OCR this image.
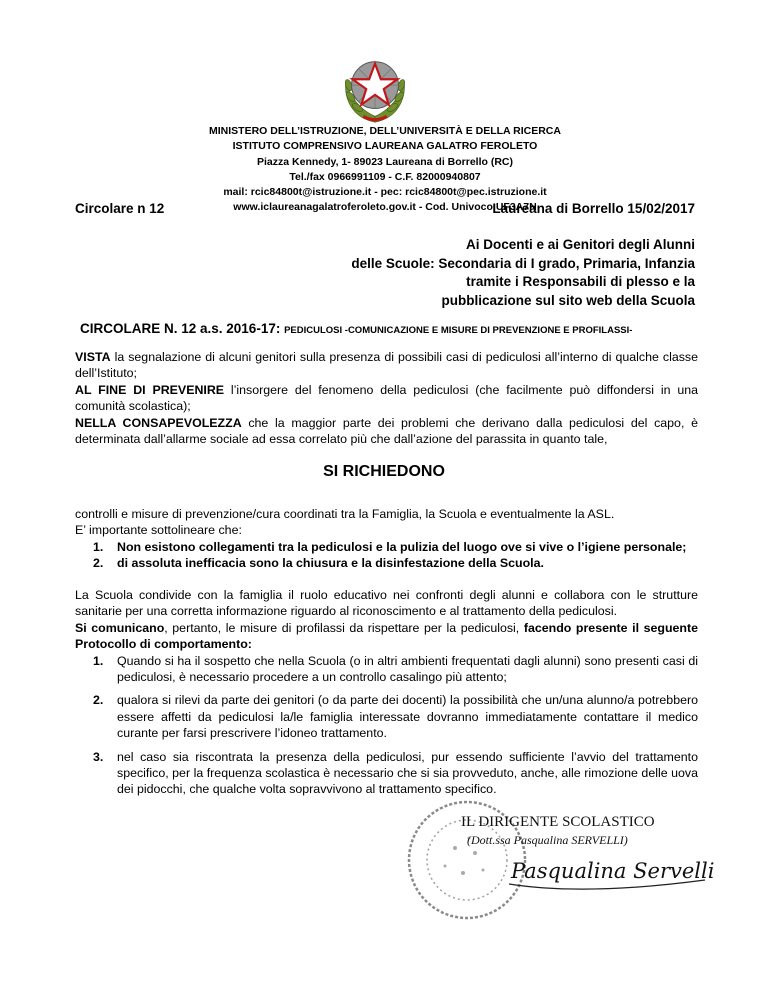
MINISTERO DELL’ISTRUZIONE, DELL’UNIVERSITÀ E DELLA RICERCA
ISTITUTO COMPRENSIVO LAUREANA GALATRO FEROLETO
Piazza Kennedy, 1- 89023 Laureana di Borrello (RC)
Tel./fax 0966991109 - C.F. 82000940807
mail: rcic84800t@istruzione.it - pec: rcic84800t@pec.istruzione.it
www.iclaureanagalatroferoleto.gov.it - Cod. Univoco UF3A7N
Circolare n 12	Laureana di Borrello 15/02/2017
Ai Docenti e ai Genitori degli Alunni
delle Scuole: Secondaria di I grado, Primaria, Infanzia
tramite i Responsabili di plesso e la
pubblicazione sul sito web della Scuola
CIRCOLARE N. 12 a.s. 2016-17: PEDICULOSI -COMUNICAZIONE E MISURE DI PREVENZIONE E PROFILASSI-

VISTA la segnalazione di alcuni genitori sulla presenza di possibili casi di pediculosi all’interno di qualche classe dell’Istituto;

AL FINE DI PREVENIRE l’insorgere del fenomeno della pediculosi (che facilmente può diffondersi in una comunità scolastica);

NELLA CONSAPEVOLEZZA che la maggior parte dei problemi che derivano dalla pediculosi del capo, è determinata dall’allarme sociale ad essa correlato più che dall’azione del parassita in quanto tale,

SI RICHIEDONO

controlli e misure di prevenzione/cura coordinati tra la Famiglia, la Scuola e eventualmente la ASL.

E’ importante sottolineare che:

1. Non esistono collegamenti tra la pediculosi e la pulizia del luogo ove si vive o l’igiene personale;
2. di assoluta inefficacia sono la chiusura e la disinfestazione della Scuola.

La Scuola condivide con la famiglia il ruolo educativo nei confronti degli alunni e collabora con le strutture sanitarie per una corretta informazione riguardo al riconoscimento e al trattamento della pediculosi.

Si comunicano, pertanto, le misure di profilassi da rispettare per la pediculosi, facendo presente il seguente Protocollo di comportamento:

1. Quando si ha il sospetto che nella Scuola (o in altri ambienti frequentati dagli alunni) sono presenti casi di pediculosi, è necessario procedere a un controllo casalingo più attento;
2. qualora si rilevi da parte dei genitori (o da parte dei docenti) la possibilità che un/una alunno/a potrebbero essere affetti da pediculosi la/le famiglia interessate dovranno immediatamente contattare il medico curante per farsi prescrivere l’idoneo trattamento.
3. nel caso sia riscontrata la presenza della pediculosi, pur essendo sufficiente l’avvio del trattamento specifico, per la frequenza scolastica è necessario che si sia provveduto, anche, alle rimozione delle uova dei pidocchi, che qualche volta sopravvivono al trattamento specifico.
IL DIRIGENTE SCOLASTICO
(Dott.ssa Pasqualina SERVELLI)
Pasqualina Servelli
